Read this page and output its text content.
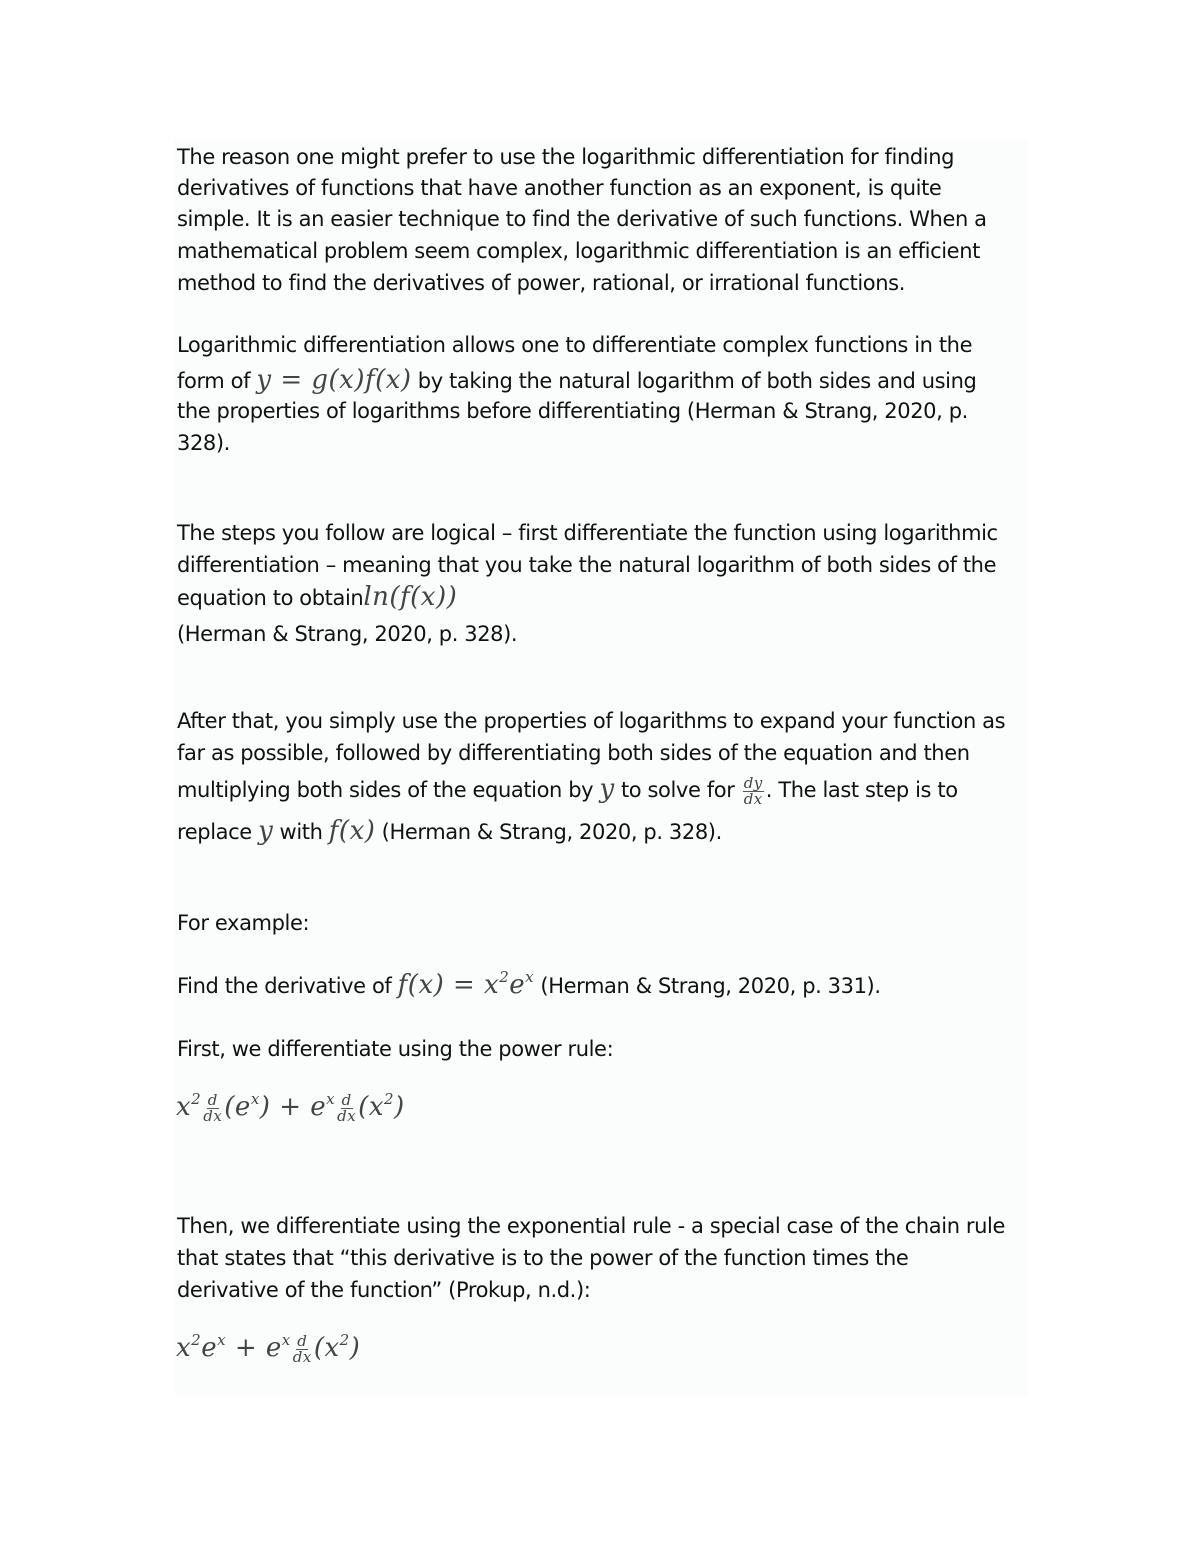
The reason one might prefer to use the logarithmic differentiation for finding

derivatives of functions that have another function as an exponent, is quite

simple. It is an easier technique to find the derivative of such functions. When a

mathematical problem seem complex, logarithmic differentiation is an efficient

method to find the derivatives of power, rational, or irrational functions.

Logarithmic differentiation allows one to differentiate complex functions in the

form of y = g(x)f(x) by taking the natural logarithm of both sides and using

the properties of logarithms before differentiating (Herman & Strang, 2020, p.

328).

The steps you follow are logical – first differentiate the function using logarithmic

differentiation – meaning that you take the natural logarithm of both sides of the

equation to obtainln(f(x))

(Herman & Strang, 2020, p. 328).

After that, you simply use the properties of logarithms to expand your function as

far as possible, followed by differentiating both sides of the equation and then

multiplying both sides of the equation by y to solve for $\frac{dy}{dx}$ . The last step is to

replace y with f(x) (Herman & Strang, 2020, p. 328).

For example:

Find the derivative of $f(x) = x^2e^x$ (Herman & Strang, 2020, p. 331).

First, we differentiate using the power rule:

$x^2 \frac{d}{dx} (e^x) + e^x \frac{d}{dx} (x^2)$

Then, we differentiate using the exponential rule - a special case of the chain rule

that states that “this derivative is to the power of the function times the

derivative of the function” (Prokup, n.d.):

$x^2e^x + e^x \frac{d}{dx} (x^2)$
